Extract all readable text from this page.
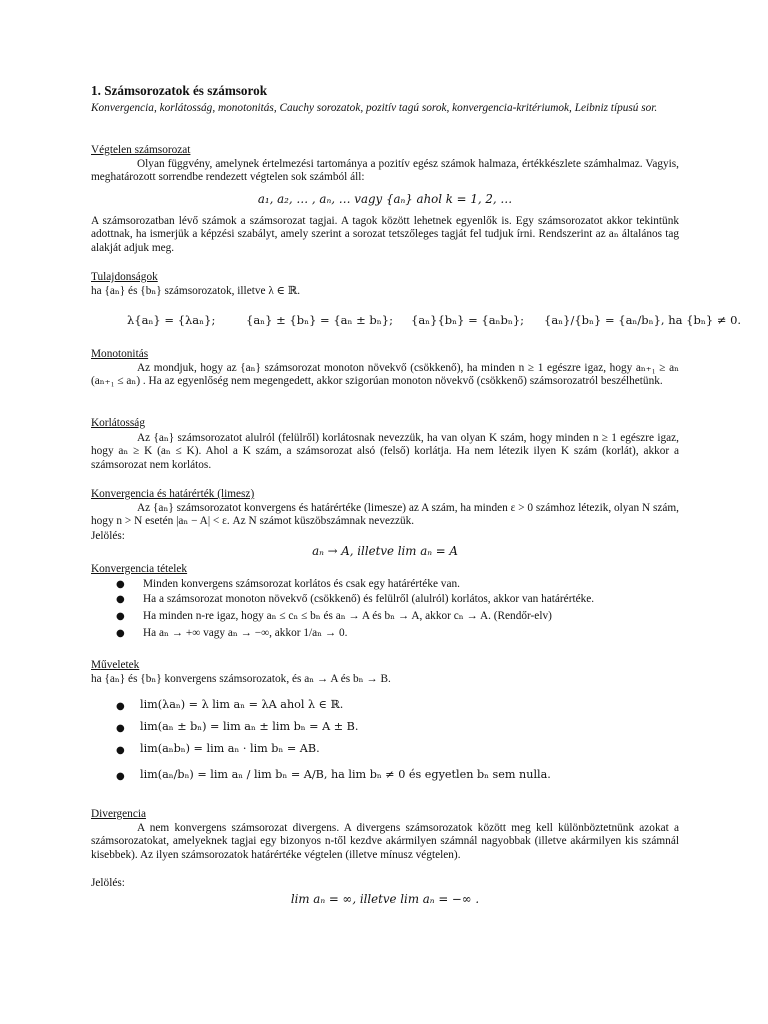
1. Számsorozatok és számsorok
Konvergencia, korlátosság, monotonitás, Cauchy sorozatok, pozitív tagú sorok, konvergencia-kritériumok, Leibniz típusú sor.
Végtelen számsorozat
Olyan függvény, amelynek értelmezési tartománya a pozitív egész számok halmaza, értékkészlete számhalmaz. Vagyis, meghatározott sorrendbe rendezett végtelen sok számból áll:
a₁, a₂, … , aₙ, … vagy {aₙ} ahol k = 1, 2, …
A számsorozatban lévő számok a számsorozat tagjai. A tagok között lehetnek egyenlők is. Egy számsorozatot akkor tekintünk adottnak, ha ismerjük a képzési szabályt, amely szerint a sorozat tetszőleges tagját fel tudjuk írni. Rendszerint az aₙ általános tag alakját adjuk meg.
Tulajdonságok
ha {aₙ} és {bₙ} számsorozatok, illetve λ ∈ ℝ.
λ{aₙ} = {λaₙ};	{aₙ} ± {bₙ} = {aₙ ± bₙ}; {aₙ}{bₙ} = {aₙbₙ}; {aₙ}/{bₙ} = {aₙ/bₙ}, ha {bₙ} ≠ 0.
Monotonitás
Az mondjuk, hogy az {aₙ} számsorozat monoton növekvő (csökkenő), ha minden n ≥ 1 egészre igaz, hogy aₙ₊₁ ≥ aₙ (aₙ₊₁ ≤ aₙ) . Ha az egyenlőség nem megengedett, akkor szigorúan monoton növekvő (csökkenő) számsorozatról beszélhetünk.
Korlátosság
Az {aₙ} számsorozatot alulról (felülről) korlátosnak nevezzük, ha van olyan K szám, hogy minden n ≥ 1 egészre igaz, hogy aₙ ≥ K (aₙ ≤ K). Ahol a K szám, a számsorozat alsó (felső) korlátja. Ha nem létezik ilyen K szám (korlát), akkor a számsorozat nem korlátos.
Konvergencia és határérték (limesz)
Az {aₙ} számsorozatot konvergens és határértéke (limesze) az A szám, ha minden ε > 0 számhoz létezik, olyan N szám, hogy n > N esetén |aₙ − A| < ε. Az N számot küszöbszámnak nevezzük.
Jelölés:
aₙ → A, illetve lim aₙ = A
Konvergencia tételek
● Minden konvergens számsorozat korlátos és csak egy határértéke van.
● Ha a számsorozat monoton növekvő (csökkenő) és felülről (alulról) korlátos, akkor van határértéke.
● Ha minden n-re igaz, hogy aₙ ≤ cₙ ≤ bₙ és aₙ → A és bₙ → A, akkor cₙ → A. (Rendőr-elv)
● Ha aₙ → +∞ vagy aₙ → −∞, akkor 1/aₙ → 0.
Műveletek
ha {aₙ} és {bₙ} konvergens számsorozatok, és aₙ → A és bₙ → B.
● lim(λaₙ) = λ lim aₙ = λA ahol λ ∈ ℝ.
● lim(aₙ ± bₙ) = lim aₙ ± lim bₙ = A ± B.
● lim(aₙbₙ) = lim aₙ · lim bₙ = AB.
● lim(aₙ/bₙ) = lim aₙ / lim bₙ = A/B, ha lim bₙ ≠ 0 és egyetlen bₙ sem nulla.
Divergencia
A nem konvergens számsorozat divergens. A divergens számsorozatok között meg kell különböztetnünk azokat a számsorozatokat, amelyeknek tagjai egy bizonyos n-től kezdve akármilyen számnál nagyobbak (illetve akármilyen kis számnál kisebbek). Az ilyen számsorozatok határértéke végtelen (illetve mínusz végtelen).
Jelölés:
lim aₙ = ∞, illetve lim aₙ = −∞ .
